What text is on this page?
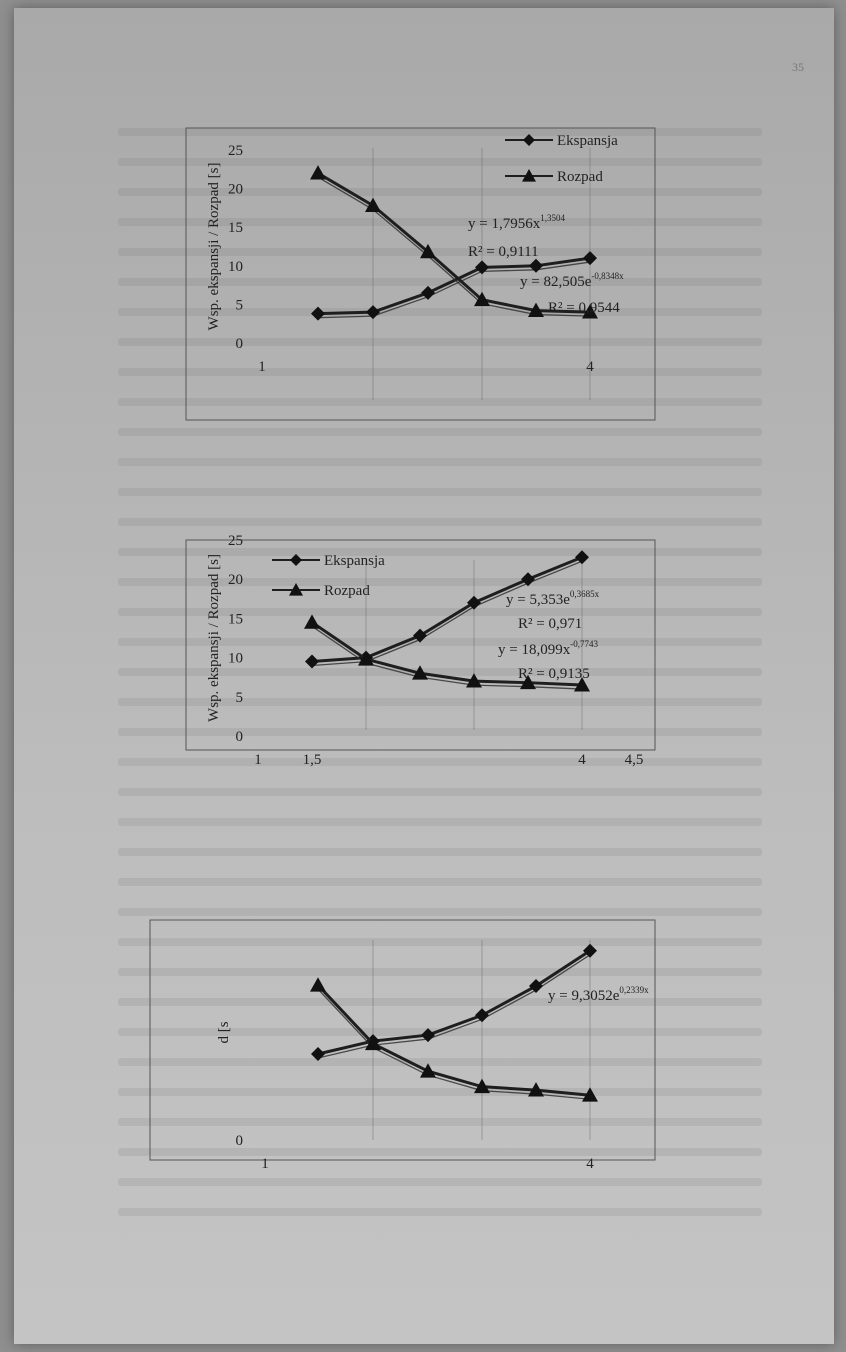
35
0
5
10
15
20
25
Wsp. ekspansji / Rozpad [s]
1	4
Ekspansja
Rozpad
$y = 1,7956x^{1,3504}$
R² = 0,9111
$y = 82,505e^{-0,8348x}$
R² = 0,9544
0
5
10
15
20
25
Wsp. ekspansji / Rozpad [s]
1	1,5	4	4,5
Ekspansja
Rozpad
$y = 5,353e^{0,3685x}$
R² = 0,971
$y = 18,099x^{-0,7743}$
R² = 0,9135
0
d [s
1	4
$y = 9,3052e^{0,2339x}$
